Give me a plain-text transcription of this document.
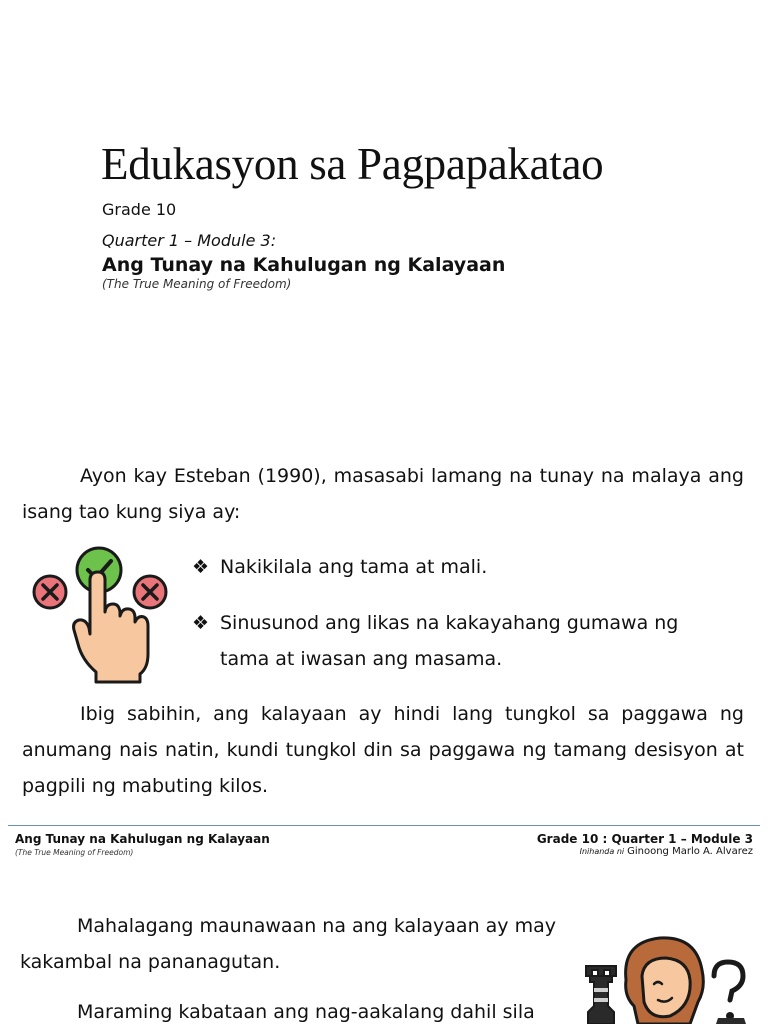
Edukasyon sa Pagpapakatao
Grade 10
Quarter 1 – Module 3:
Ang Tunay na Kahulugan ng Kalayaan
(The True Meaning of Freedom)
Ayon kay Esteban (1990), masasabi lamang na tunay na malaya ang isang tao kung siya ay:
❖ Nakikilala ang tama at mali.
❖ Sinusunod ang likas na kakayahang gumawa ng tama at iwasan ang masama.
Ibig sabihin, ang kalayaan ay hindi lang tungkol sa paggawa ng anumang nais natin, kundi tungkol din sa paggawa ng tamang desisyon at pagpili ng mabuting kilos.
Ang Tunay na Kahulugan ng Kalayaan
(The True Meaning of Freedom)
Grade 10 : Quarter 1 – Module 3
Inihanda ni Ginoong Marlo A. Alvarez
Mahalagang maunawaan na ang kalayaan ay may kakambal na pananagutan.
Maraming kabataan ang nag-aakalang dahil sila
